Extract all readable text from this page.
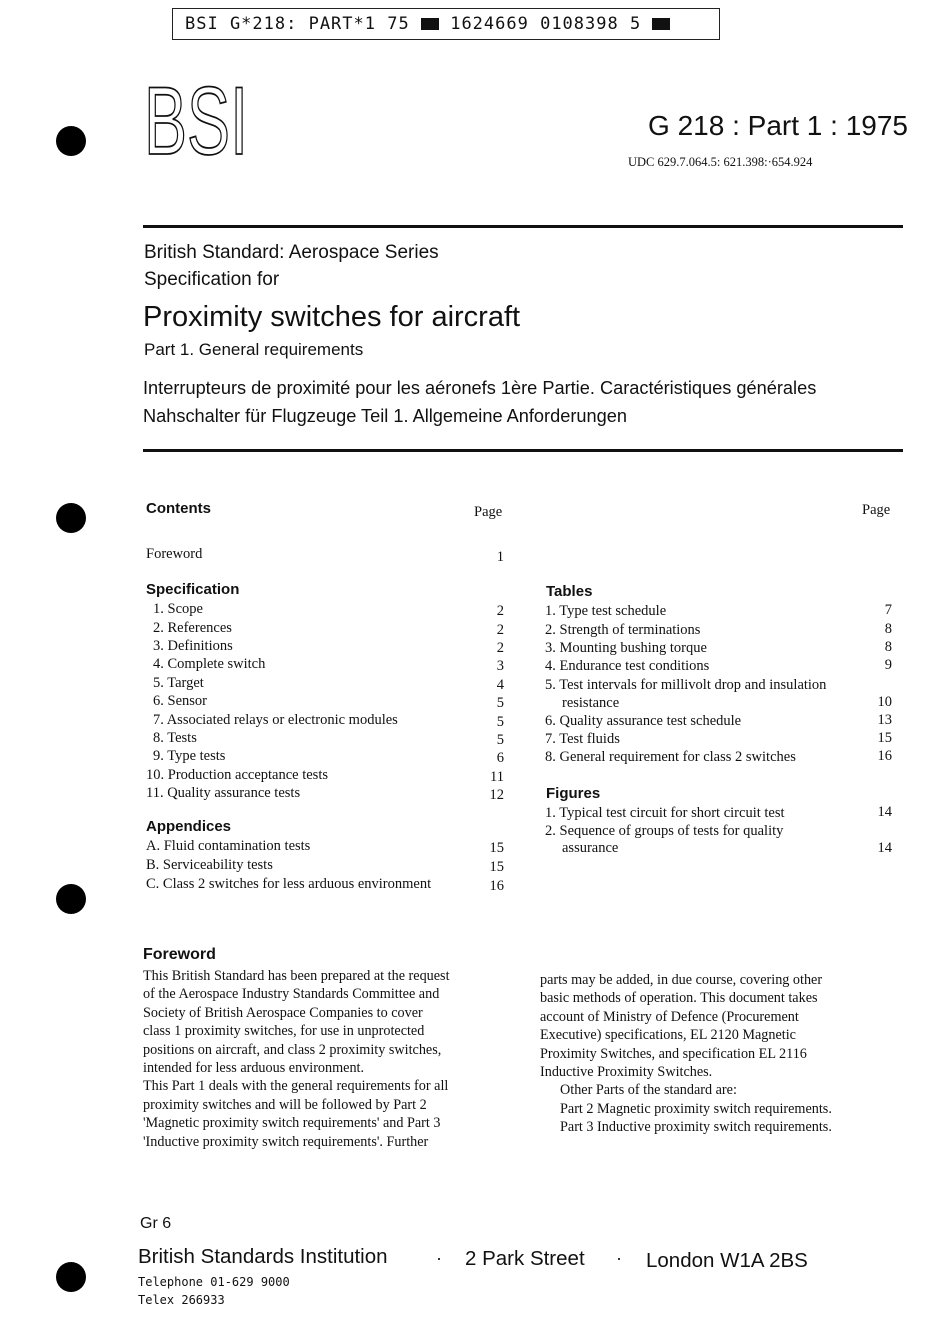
BSI G*218: PART*1 75 1624669 0108398 5
BSI	G 218 : Part 1 : 1975
UDC 629.7.064.5: 621.398:·654.924
British Standard: Aerospace Series
Specification for
Proximity switches for aircraft
Part 1. General requirements
Interrupteurs de proximité pour les aéronefs 1ère Partie. Caractéristiques générales
Nahschalter für Flugzeuge Teil 1. Allgemeine Anforderungen
Contents	Page	Page
Foreword	1
Specification
1. Scope	2
2. References	2
3. Definitions	2
4. Complete switch	3
5. Target	4
6. Sensor	5
7. Associated relays or electronic modules	5
8. Tests	5
9. Type tests	6
10. Production acceptance tests	11
11. Quality assurance tests	12
Appendices
A. Fluid contamination tests	15
B. Serviceability tests	15
C. Class 2 switches for less arduous environment	16
Tables
1. Type test schedule	7
2. Strength of terminations	8
3. Mounting bushing torque	8
4. Endurance test conditions	9
5. Test intervals for millivolt drop and insulation
resistance	10
6. Quality assurance test schedule	13
7. Test fluids	15
8. General requirement for class 2 switches	16
Figures
1. Typical test circuit for short circuit test	14
2. Sequence of groups of tests for quality
assurance	14
Foreword
This British Standard has been prepared at the request
of the Aerospace Industry Standards Committee and
Society of British Aerospace Companies to cover
class 1 proximity switches, for use in unprotected
positions on aircraft, and class 2 proximity switches,
intended for less arduous environment.
This Part 1 deals with the general requirements for all
proximity switches and will be followed by Part 2
'Magnetic proximity switch requirements' and Part 3
'Inductive proximity switch requirements'. Further
parts may be added, in due course, covering other
basic methods of operation. This document takes
account of Ministry of Defence (Procurement
Executive) specifications, EL 2120 Magnetic
Proximity Switches, and specification EL 2116
Inductive Proximity Switches.
Other Parts of the standard are:
Part 2 Magnetic proximity switch requirements.
Part 3 Inductive proximity switch requirements.
Gr 6
British Standards Institution	· 2 Park Street · London W1A 2BS
Telephone 01-629 9000
Telex 266933
